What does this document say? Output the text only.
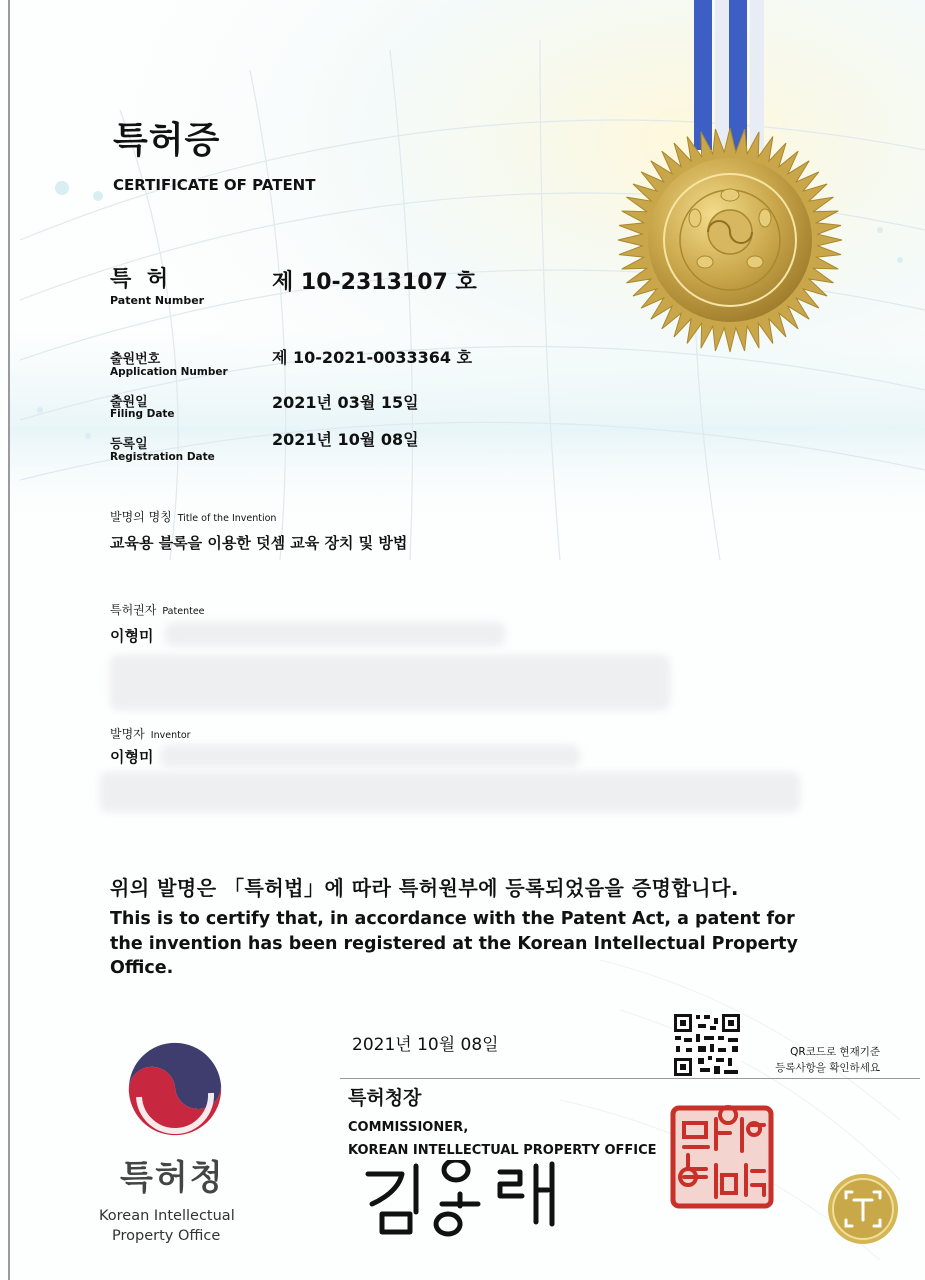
특허증
CERTIFICATE OF PATENT
특 허
Patent Number
제 10-2313107 호
출원번호
Application Number
제 10-2021-0033364 호
출원일
Filing Date
2021년 03월 15일
등록일
Registration Date
2021년 10월 08일
발명의 명칭 Title of the Invention
교육용 블록을 이용한 덧셈 교육 장치 및 방법
특허권자 Patentee
이형미
발명자 Inventor
이형미
위의 발명은 「특허법」에 따라 특허원부에 등록되었음을 증명합니다.
This is to certify that, in accordance with the Patent Act, a patent for the invention has been registered at the Korean Intellectual Property Office.
특허청
Korean Intellectual
Property Office
2021년 10월 08일
특허청장
COMMISSIONER,
KOREAN INTELLECTUAL PROPERTY OFFICE
QR코드로 현재기준
등록사항을 확인하세요
